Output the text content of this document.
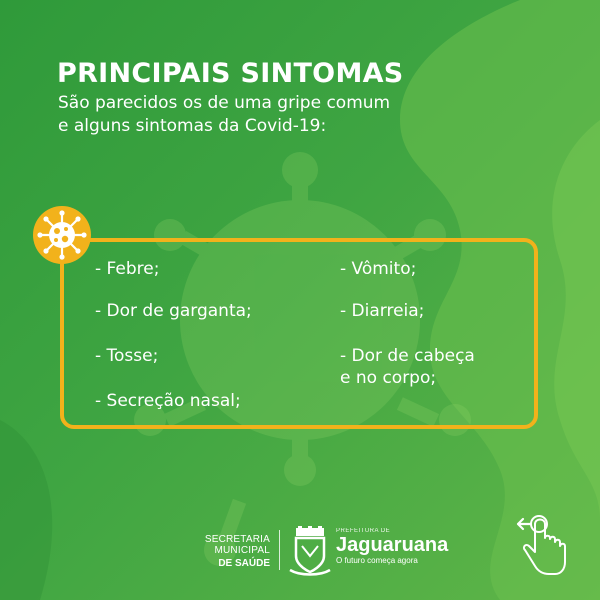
PRINCIPAIS SINTOMAS

São parecidos os de uma gripe comum
e alguns sintomas da Covid-19:

- Febre;

- Dor de garganta;

- Tosse;

- Secreção nasal;

- Vômito;

- Diarreia;

- Dor de cabeça
e no corpo;

SECRETARIA MUNICIPAL
DE SAÚDE
PREFEITURA DE
Jaguaruana
O futuro começa agora
